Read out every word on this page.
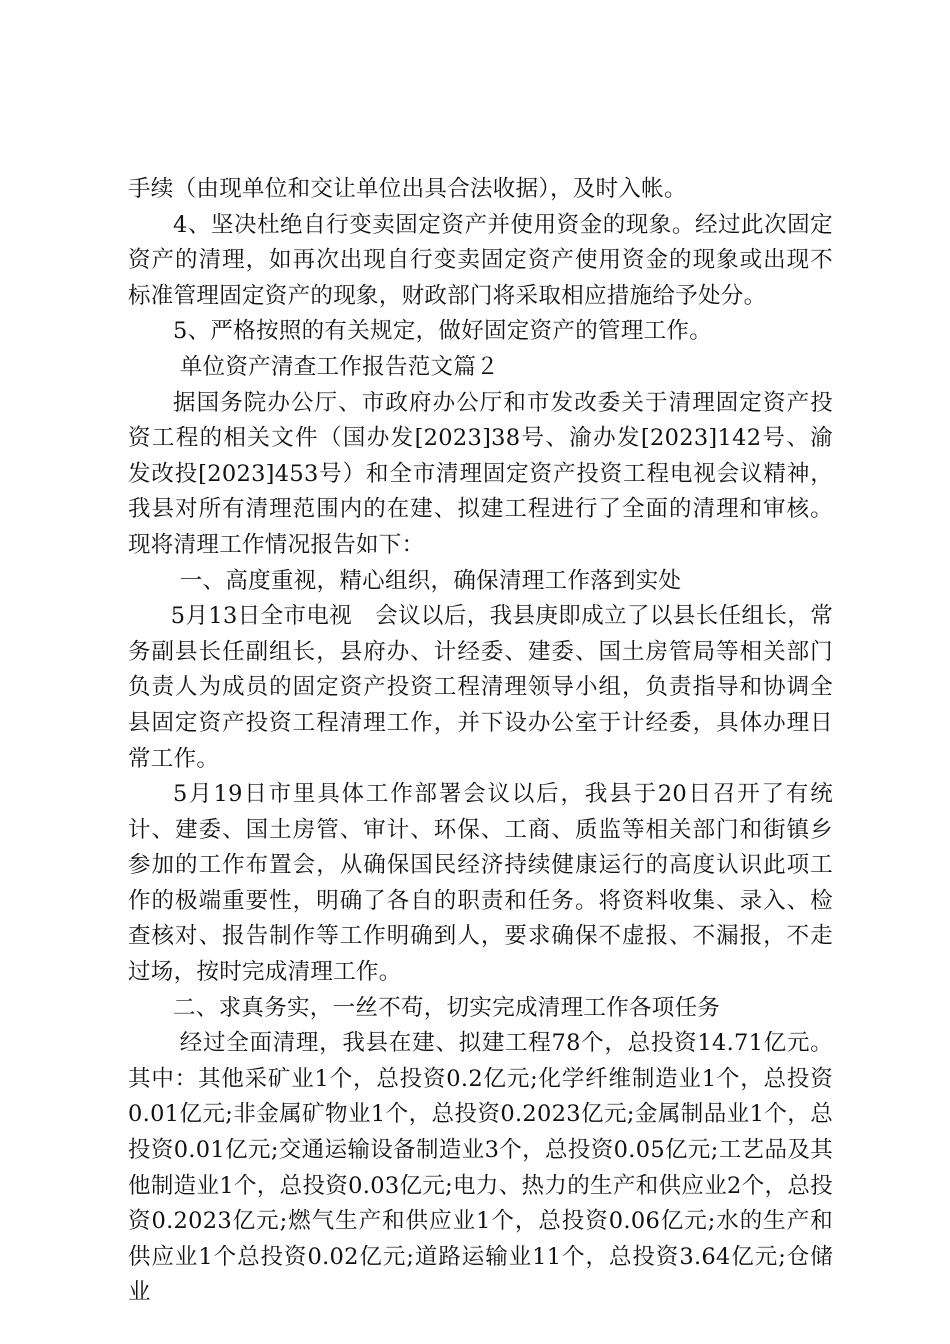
手续（由现单位和交让单位出具合法收据），及时入帐。

4、坚决杜绝自行变卖固定资产并使用资金的现象。经过此次固定资产的清理，如再次出现自行变卖固定资产使用资金的现象或出现不标准管理固定资产的现象，财政部门将采取相应措施给予处分。

5、严格按照的有关规定，做好固定资产的管理工作。

单位资产清查工作报告范文篇２

据国务院办公厅、市政府办公厅和市发改委关于清理固定资产投资工程的相关文件（国办发[2023]38号、渝办发[2023]142号、渝发改投[2023]453号）和全市清理固定资产投资工程电视会议精神，我县对所有清理范围内的在建、拟建工程进行了全面的清理和审核。现将清理工作情况报告如下：

一、高度重视，精心组织，确保清理工作落到实处

5月13日全市电视　会议以后，我县庚即成立了以县长任组长，常务副县长任副组长，县府办、计经委、建委、国土房管局等相关部门负责人为成员的固定资产投资工程清理领导小组，负责指导和协调全县固定资产投资工程清理工作，并下设办公室于计经委，具体办理日常工作。

5月19日市里具体工作部署会议以后，我县于20日召开了有统计、建委、国土房管、审计、环保、工商、质监等相关部门和街镇乡参加的工作布置会，从确保国民经济持续健康运行的高度认识此项工作的极端重要性，明确了各自的职责和任务。将资料收集、录入、检查核对、报告制作等工作明确到人，要求确保不虚报、不漏报，不走过场，按时完成清理工作。

二、求真务实，一丝不苟，切实完成清理工作各项任务

经过全面清理，我县在建、拟建工程78个，总投资14.71亿元。其中：其他采矿业1个，总投资0.2亿元;化学纤维制造业1个，总投资0.01亿元;非金属矿物业1个，总投资0.2023亿元;金属制品业1个，总投资0.01亿元;交通运输设备制造业3个，总投资0.05亿元;工艺品及其他制造业1个，总投资0.03亿元;电力、热力的生产和供应业2个，总投资0.2023亿元;燃气生产和供应业1个，总投资0.06亿元;水的生产和供应业1个总投资0.02亿元;道路运输业11个，总投资3.64亿元;仓储业
